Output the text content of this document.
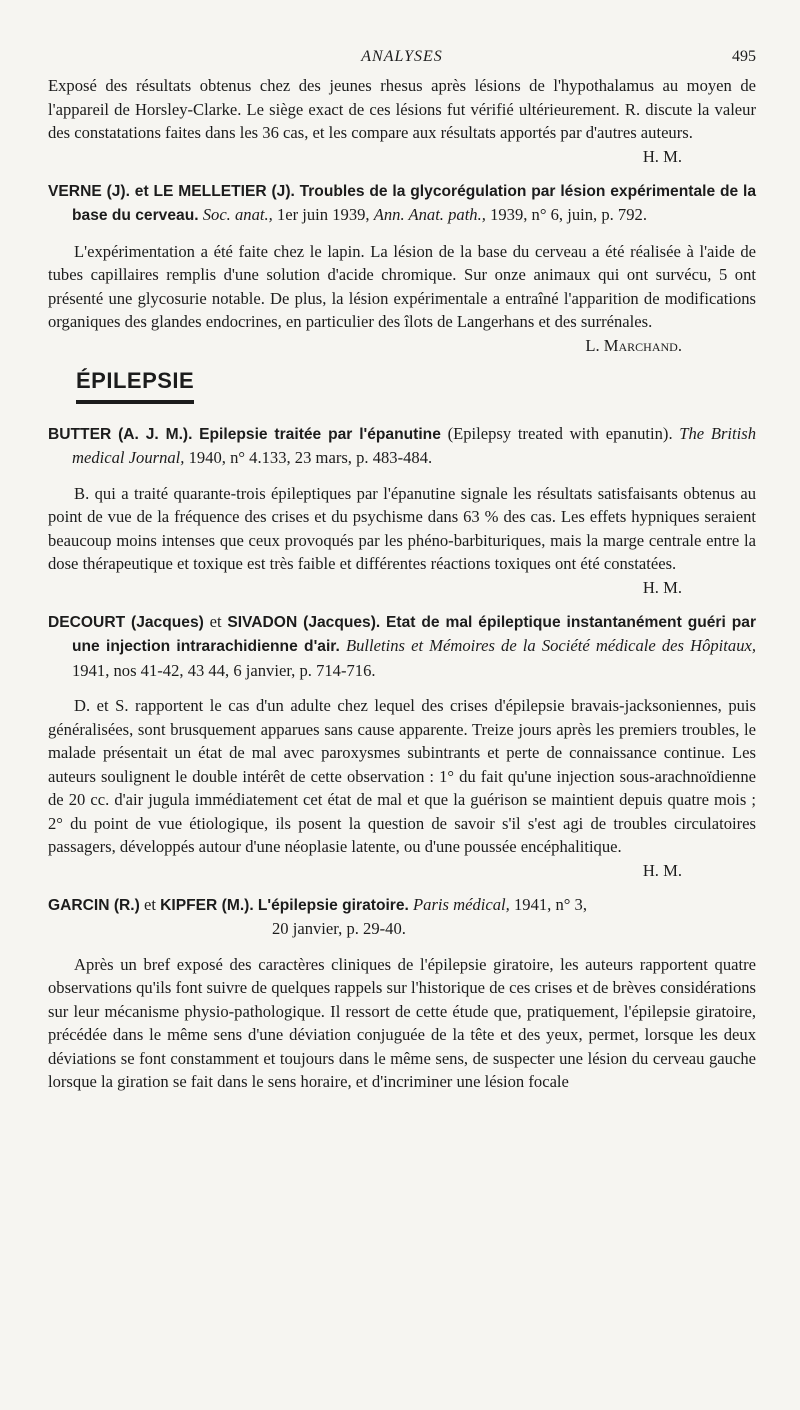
ANALYSES	495

Exposé des résultats obtenus chez des jeunes rhesus après lésions de l'hypothalamus au moyen de l'appareil de Horsley-Clarke. Le siège exact de ces lésions fut vérifié ultérieurement. R. discute la valeur des constatations faites dans les 36 cas, et les compare aux résultats apportés par d'autres auteurs.
H. M.

VERNE (J). et LE MELLETIER (J). Troubles de la glycorégulation par lésion expérimentale de la base du cerveau. Soc. anat., 1er juin 1939, Ann. Anat. path., 1939, n° 6, juin, p. 792.

L'expérimentation a été faite chez le lapin. La lésion de la base du cerveau a été réalisée à l'aide de tubes capillaires remplis d'une solution d'acide chromique. Sur onze animaux qui ont survécu, 5 ont présenté une glycosurie notable. De plus, la lésion expérimentale a entraîné l'apparition de modifications organiques des glandes endocrines, en particulier des îlots de Langerhans et des surrénales.
L. Marchand.

ÉPILEPSIE

BUTTER (A. J. M.). Epilepsie traitée par l'épanutine (Epilepsy treated with epanutin). The British medical Journal, 1940, n° 4.133, 23 mars, p. 483-484.

B. qui a traité quarante-trois épileptiques par l'épanutine signale les résultats satisfaisants obtenus au point de vue de la fréquence des crises et du psychisme dans 63 % des cas. Les effets hypniques seraient beaucoup moins intenses que ceux provoqués par les phéno-barbituriques, mais la marge centrale entre la dose thérapeutique et toxique est très faible et différentes réactions toxiques ont été constatées.
H. M.

DECOURT (Jacques) et SIVADON (Jacques). Etat de mal épileptique instantanément guéri par une injection intrarachidienne d'air. Bulletins et Mémoires de la Société médicale des Hôpitaux, 1941, nos 41-42, 43 44, 6 janvier, p. 714-716.

D. et S. rapportent le cas d'un adulte chez lequel des crises d'épilepsie bravais-jacksoniennes, puis généralisées, sont brusquement apparues sans cause apparente. Treize jours après les premiers troubles, le malade présentait un état de mal avec paroxysmes subintrants et perte de connaissance continue. Les auteurs soulignent le double intérêt de cette observation : 1° du fait qu'une injection sous-arachnoïdienne de 20 cc. d'air jugula immédiatement cet état de mal et que la guérison se maintient depuis quatre mois ; 2° du point de vue étiologique, ils posent la question de savoir s'il s'est agi de troubles circulatoires passagers, développés autour d'une néoplasie latente, ou d'une poussée encéphalitique.
H. M.

GARCIN (R.) et KIPFER (M.). L'épilepsie giratoire. Paris médical, 1941, n° 3,

20 janvier, p. 29-40.

Après un bref exposé des caractères cliniques de l'épilepsie giratoire, les auteurs rapportent quatre observations qu'ils font suivre de quelques rappels sur l'historique de ces crises et de brèves considérations sur leur mécanisme physio-pathologique. Il ressort de cette étude que, pratiquement, l'épilepsie giratoire, précédée dans le même sens d'une déviation conjuguée de la tête et des yeux, permet, lorsque les deux déviations se font constamment et toujours dans le même sens, de suspecter une lésion du cerveau gauche lorsque la giration se fait dans le sens horaire, et d'incriminer une lésion focale
